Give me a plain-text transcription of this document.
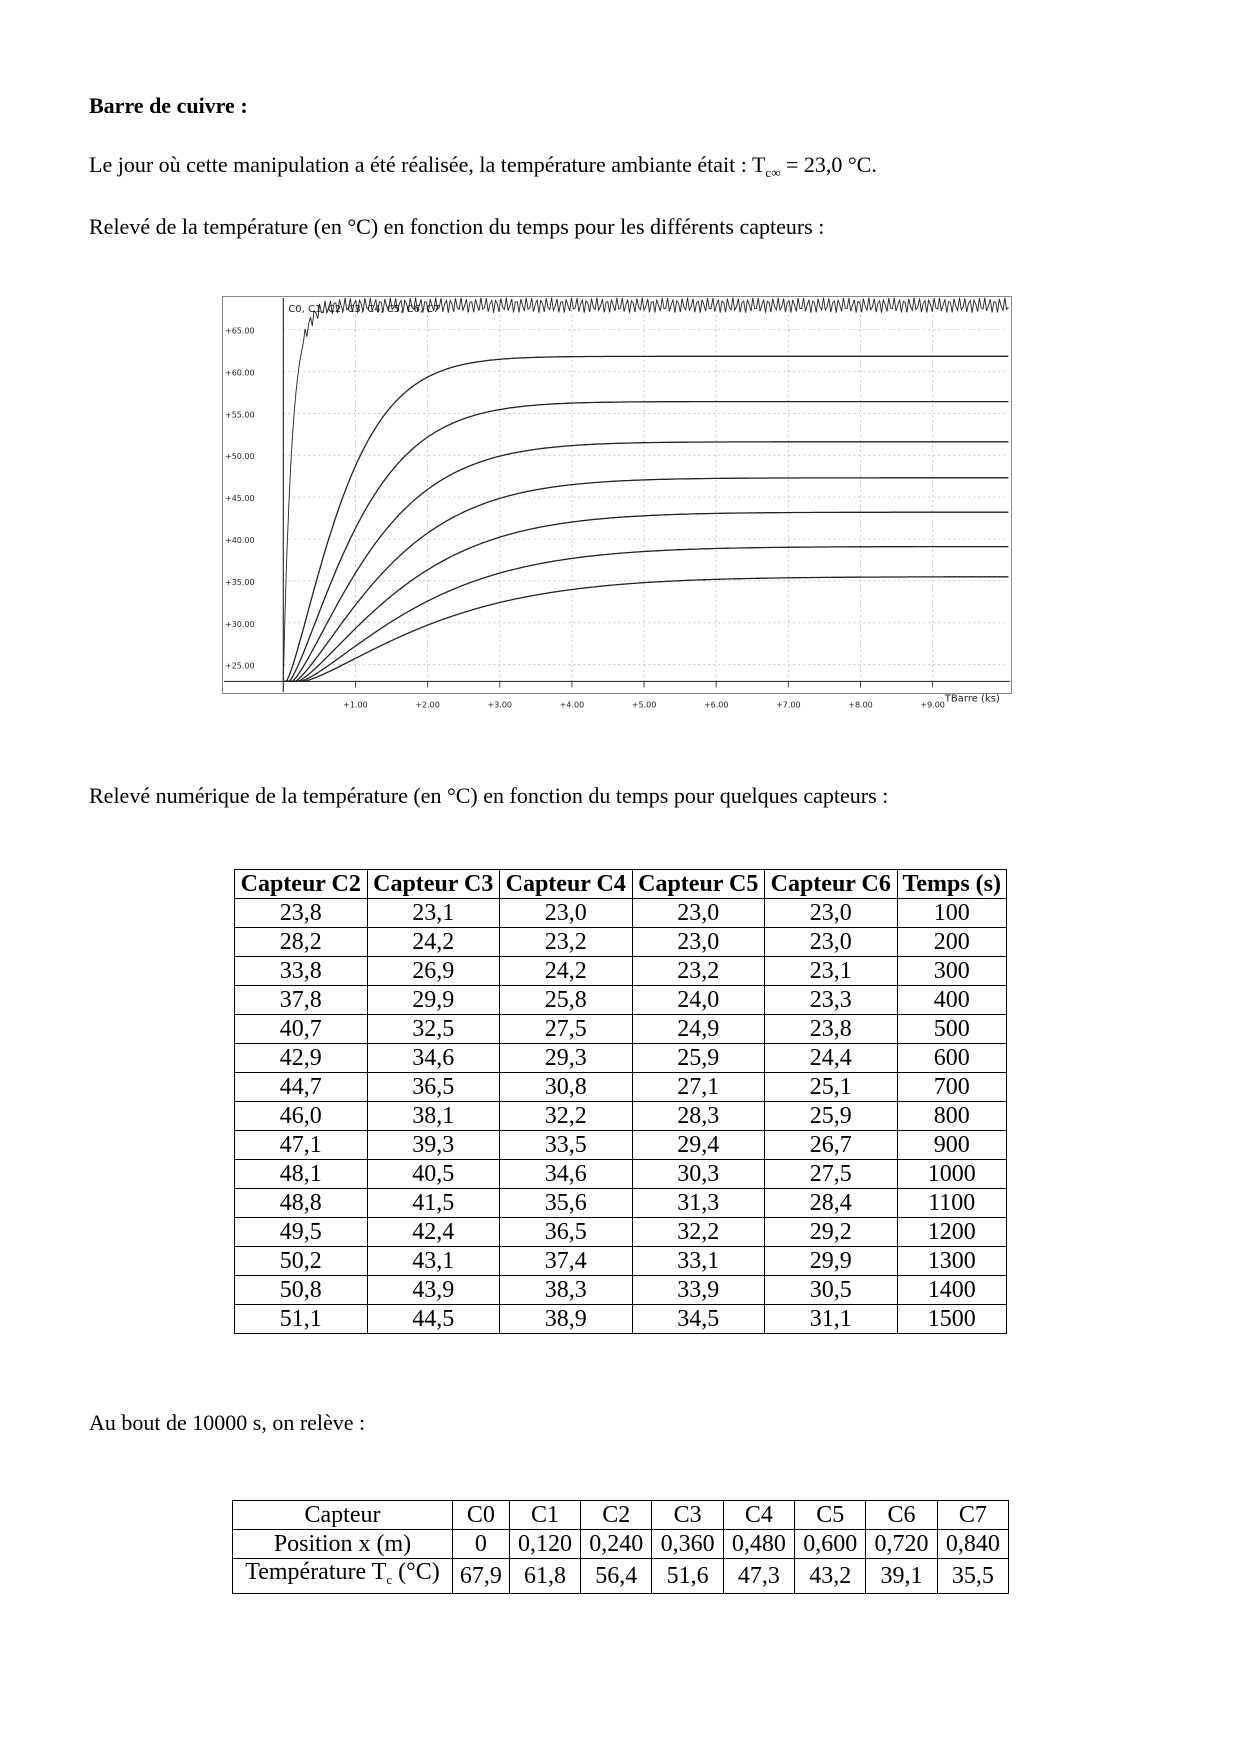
Barre de cuivre :
Le jour où cette manipulation a été réalisée, la température ambiante était : $T_{c\infty} = 23,0$ °C.
Relevé de la température (en °C) en fonction du temps pour les différents capteurs :
+1.00	+2.00	+3.00	+4.00	+5.00	+6.00	+7.00	+8.00	+9.00
+25.00
+30.00
+35.00
+40.00
+45.00
+50.00
+55.00
+60.00
+65.00
C0, C1, C2, C3, C4, C5, C6, C7
TBarre (ks)
Relevé numérique de la température (en °C) en fonction du temps pour quelques capteurs :
Capteur C2	Capteur C3	Capteur C4	Capteur C5	Capteur C6	Temps (s)
23,8	23,1	23,0	23,0	23,0	100
28,2	24,2	23,2	23,0	23,0	200
33,8	26,9	24,2	23,2	23,1	300
37,8	29,9	25,8	24,0	23,3	400
40,7	32,5	27,5	24,9	23,8	500
42,9	34,6	29,3	25,9	24,4	600
44,7	36,5	30,8	27,1	25,1	700
46,0	38,1	32,2	28,3	25,9	800
47,1	39,3	33,5	29,4	26,7	900
48,1	40,5	34,6	30,3	27,5	1000
48,8	41,5	35,6	31,3	28,4	1100
49,5	42,4	36,5	32,2	29,2	1200
50,2	43,1	37,4	33,1	29,9	1300
50,8	43,9	38,3	33,9	30,5	1400
51,1	44,5	38,9	34,5	31,1	1500
Au bout de 10000 s, on relève :
Capteur	C0	C1	C2	C3	C4	C5	C6	C7
Position x (m)	0	0,120	0,240	0,360	0,480	0,600	0,720	0,840
Température $T_c$ (°C)	67,9	61,8	56,4	51,6	47,3	43,2	39,1	35,5
